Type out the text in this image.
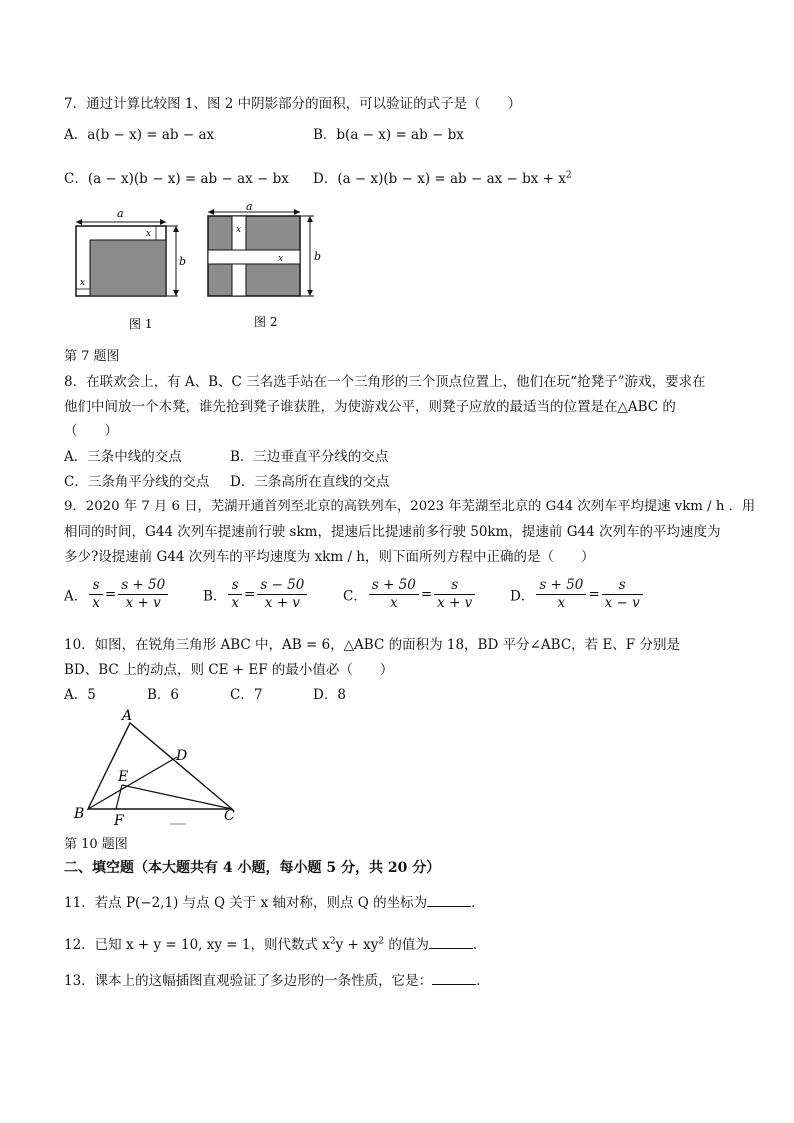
7．通过计算比较图 1、图 2 中阴影部分的面积，可以验证的式子是（　　）
A．a(b − x) = ab − ax	B．b(a − x) = ab − bx
C．(a − x)(b − x) = ab − ax − bx D．(a − x)(b − x) = ab − ax − bx + $x^2$
a
b
x
x
图 1
a
x
x	b
图 2
第 7 题图
8．在联欢会上，有 A、B、C 三名选手站在一个三角形的三个顶点位置上，他们在玩“抢凳子”游戏，要求在
他们中间放一个木凳，谁先抢到凳子谁获胜，为使游戏公平，则凳子应放的最适当的位置是在△ABC 的
（　　）
A．三条中线的交点	B．三边垂直平分线的交点
C．三条角平分线的交点 D．三条高所在直线的交点
9．2020 年 7 月 6 日，芜湖开通首列至北京的高铁列车，2023 年芜湖至北京的 G44 次列车平均提速 vkm / h ．用
相同的时间，G44 次列车提速前行驶 skm，提速后比提速前多行驶 50km，提速前 G44 次列车的平均速度为
多少?设提速前 G44 次列车的平均速度为 xkm / h，则下面所列方程中正确的是（　　）
A． $\frac{s}{x} = \frac{s + 50}{x + v}$	B． $\frac{s}{x} = \frac{s - 50}{x + v}$	C． $\frac{s + 50}{x} = \frac{s}{x + v}$	D． $\frac{s + 50}{x} = \frac{s}{x - v}$
10．如图，在锐角三角形 ABC 中，AB = 6，△ABC 的面积为 18，BD 平分∠ABC，若 E、F 分别是
BD、BC 上的动点，则 CE + EF 的最小值必（　　）
A．5	B．6	C．7	D．8
A
B	C
D
E
F
第 10 题图
二、填空题（本大题共有 4 小题，每小题 5 分，共 20 分）
11．若点 P(−2,1) 与点 Q 关于 x 轴对称，则点 Q 的坐标为	．
12．已知 x + y = 10, xy = 1，则代数式 $x^2y + xy^2$ 的值为	．
13．课本上的这幅插图直观验证了多边形的一条性质，它是：	．
